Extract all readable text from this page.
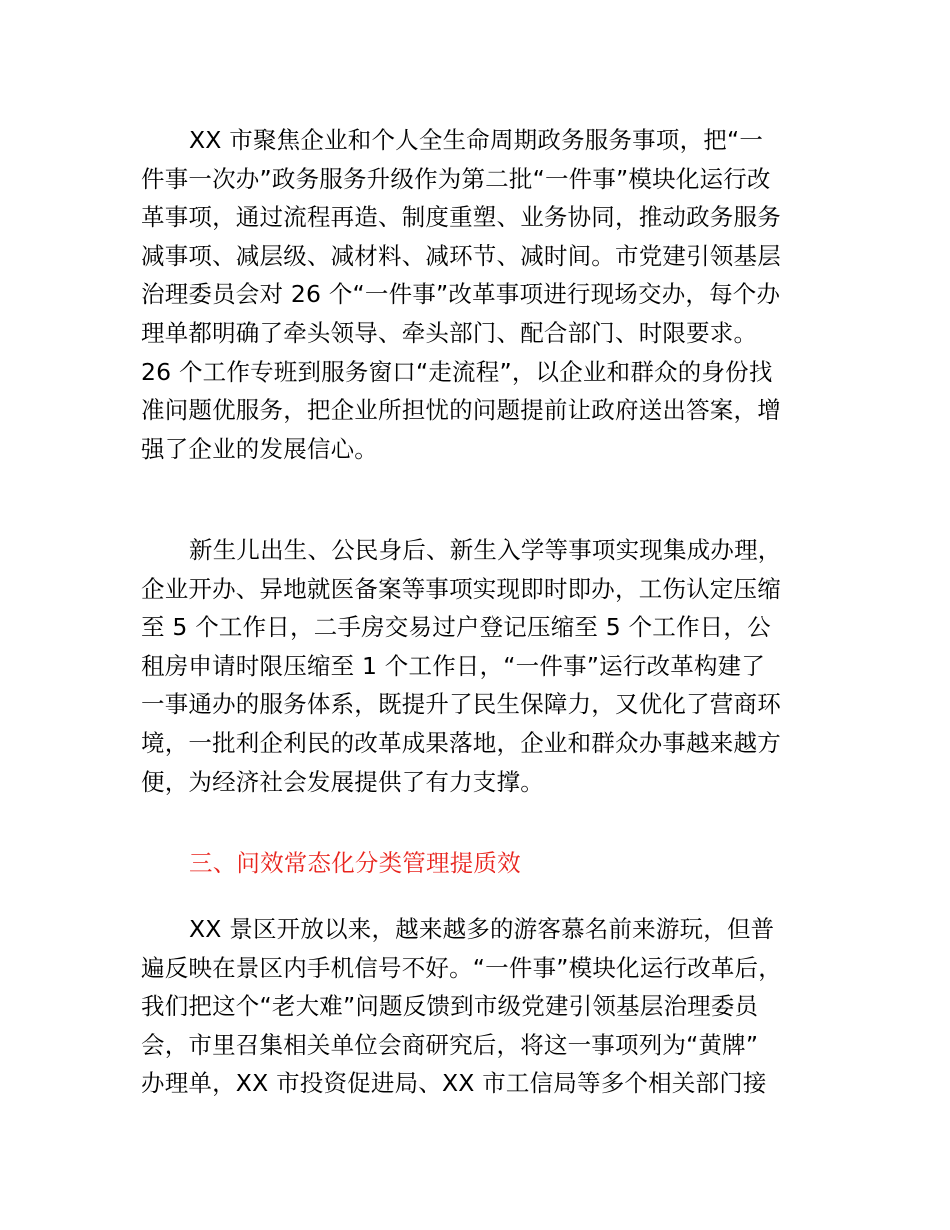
XX 市聚焦企业和个人全生命周期政务服务事项，把“一
件事一次办”政务服务升级作为第二批“一件事”模块化运行改
革事项，通过流程再造、制度重塑、业务协同，推动政务服务
减事项、减层级、减材料、减环节、减时间。市党建引领基层
治理委员会对 26 个“一件事”改革事项进行现场交办，每个办
理单都明确了牵头领导、牵头部门、配合部门、时限要求。
26 个工作专班到服务窗口“走流程”，以企业和群众的身份找
准问题优服务，把企业所担忧的问题提前让政府送出答案，增
强了企业的发展信心。
新生儿出生、公民身后、新生入学等事项实现集成办理，
企业开办、异地就医备案等事项实现即时即办，工伤认定压缩
至 5 个工作日，二手房交易过户登记压缩至 5 个工作日，公
租房申请时限压缩至 1 个工作日，“一件事”运行改革构建了
一事通办的服务体系，既提升了民生保障力，又优化了营商环
境，一批利企利民的改革成果落地，企业和群众办事越来越方
便，为经济社会发展提供了有力支撑。
三、问效常态化分类管理提质效
XX 景区开放以来，越来越多的游客慕名前来游玩，但普
遍反映在景区内手机信号不好。“一件事”模块化运行改革后，
我们把这个“老大难”问题反馈到市级党建引领基层治理委员
会，市里召集相关单位会商研究后，将这一事项列为“黄牌”
办理单，XX 市投资促进局、XX 市工信局等多个相关部门接
